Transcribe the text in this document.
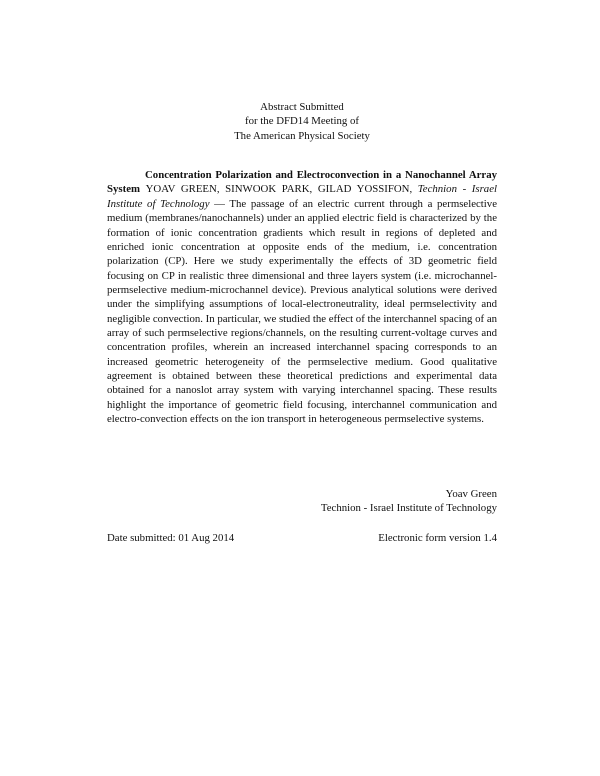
Abstract Submitted
for the DFD14 Meeting of
The American Physical Society

Concentration Polarization and Electroconvection in a Nanochannel Array System YOAV GREEN, SINWOOK PARK, GILAD YOSSIFON, Technion - Israel Institute of Technology — The passage of an electric current through a permselective medium (membranes/nanochannels) under an applied electric field is characterized by the formation of ionic concentration gradients which result in regions of depleted and enriched ionic concentration at opposite ends of the medium, i.e. concentration polarization (CP). Here we study experimentally the effects of 3D geometric field focusing on CP in realistic three dimensional and three layers system (i.e. microchannel-permselective medium-microchannel device). Previous analytical solutions were derived under the simplifying assumptions of local-electroneutrality, ideal permselectivity and negligible convection. In particular, we studied the effect of the interchannel spacing of an array of such permselective regions/channels, on the resulting current-voltage curves and concentration profiles, wherein an increased interchannel spacing corresponds to an increased geometric heterogeneity of the permselective medium. Good qualitative agreement is obtained between these theoretical predictions and experimental data obtained for a nanoslot array system with varying interchannel spacing. These results highlight the importance of geometric field focusing, interchannel communication and electro-convection effects on the ion transport in heterogeneous permselective systems.

Yoav Green
Technion - Israel Institute of Technology
Date submitted: 01 Aug 2014	Electronic form version 1.4
